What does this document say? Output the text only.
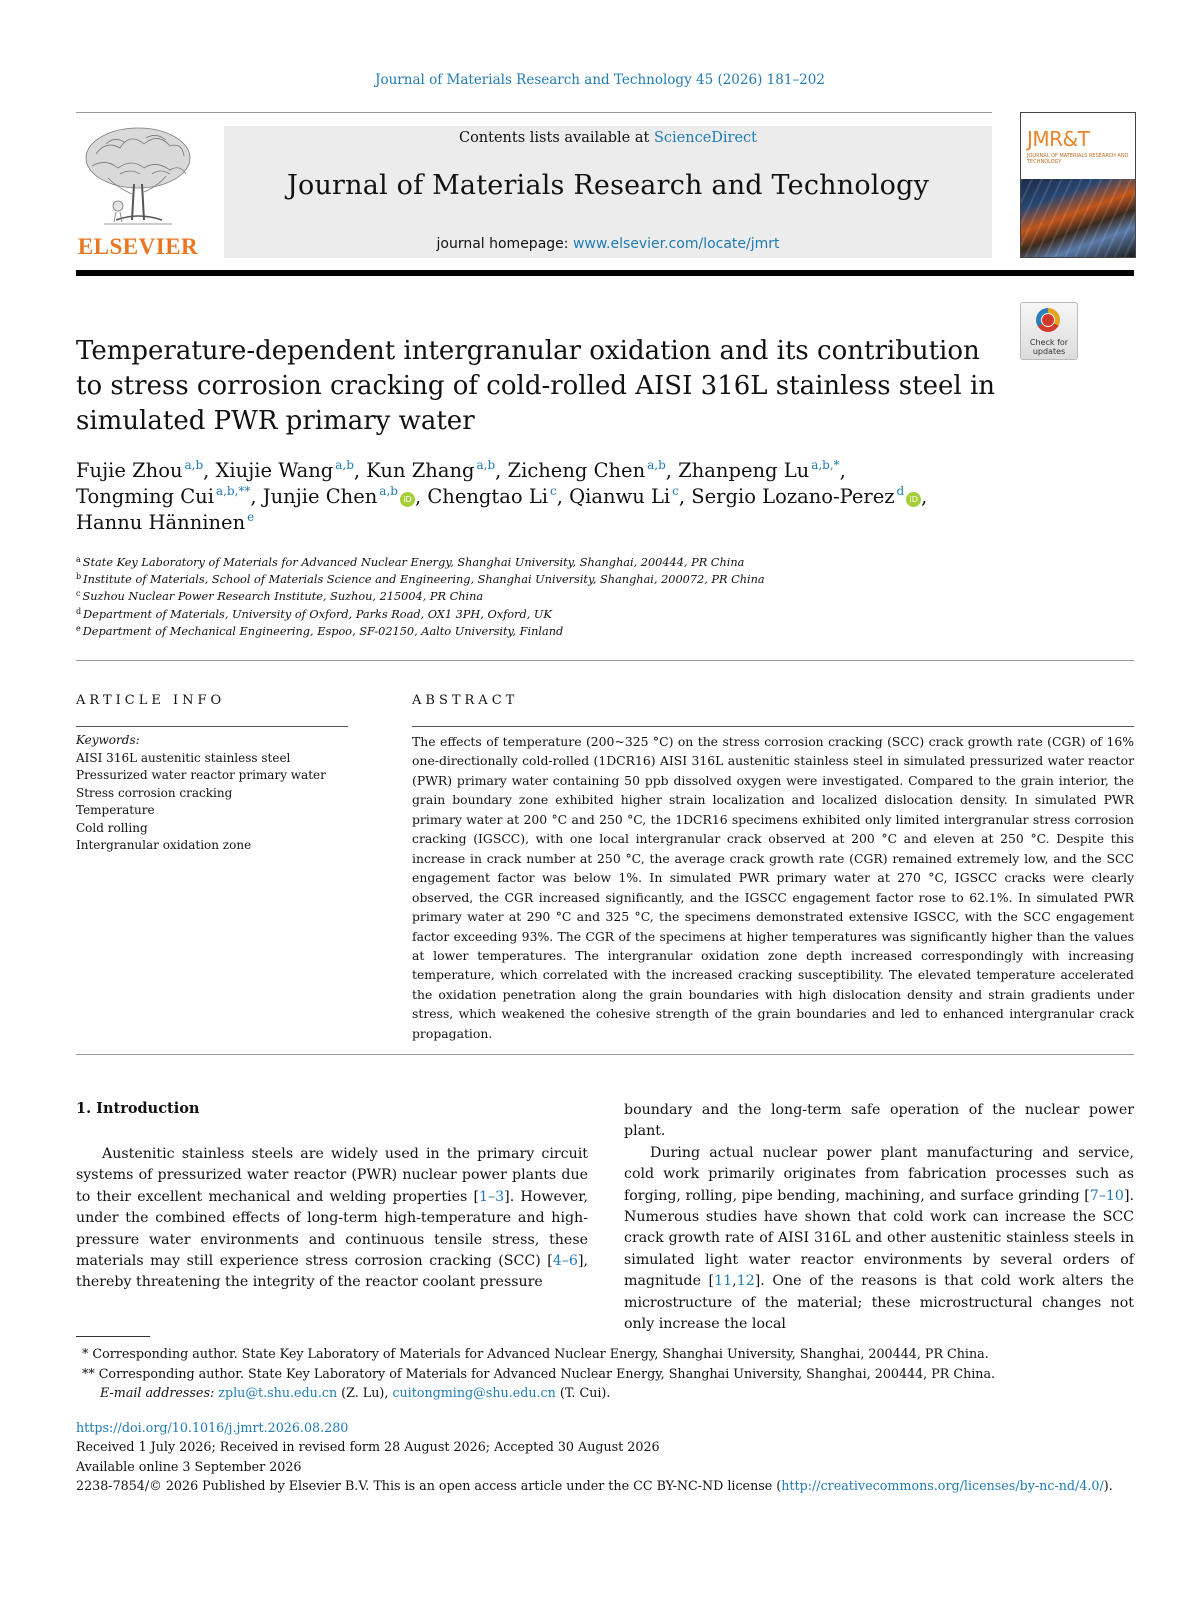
Journal of Materials Research and Technology 45 (2026) 181–202
ELSEVIER
Contents lists available at ScienceDirect
Journal of Materials Research and Technology
journal homepage: www.elsevier.com/locate/jmrt
JMR&T
JOURNAL OF MATERIALS RESEARCH AND TECHNOLOGY
Check for updates
Temperature-dependent intergranular oxidation and its contribution to stress corrosion cracking of cold-rolled AISI 316L stainless steel in simulated PWR primary water
Fujie Zhou  $^{a,b}$, Xiujie Wang  $^{a,b}$, Kun Zhang  $^{a,b}$, Zicheng Chen  $^{a,b}$, Zhanpeng Lu  $^{a,b,*}$,
Tongming Cui  $^{a,b,**}$, Junjie Chen  $^{a,b}$iD , Chengtao Li  $^c$, Qianwu Li  $^c$, Sergio Lozano-Perez  $^d$iD ,
Hannu Hänninen  $^e$
$^a$ State Key Laboratory of Materials for Advanced Nuclear Energy, Shanghai University, Shanghai, 200444, PR China
$^b$ Institute of Materials, School of Materials Science and Engineering, Shanghai University, Shanghai, 200072, PR China
$^c$ Suzhou Nuclear Power Research Institute, Suzhou, 215004, PR China
$^d$ Department of Materials, University of Oxford, Parks Road, OX1 3PH, Oxford, UK
$^e$ Department of Mechanical Engineering, Espoo, SF-02150, Aalto University, Finland
ARTICLE INFO
Keywords:
AISI 316L austenitic stainless steel
Pressurized water reactor primary water
Stress corrosion cracking
Temperature
Cold rolling
Intergranular oxidation zone
ABSTRACT

The effects of temperature (200~325 °C) on the stress corrosion cracking (SCC) crack growth rate (CGR) of 16% one-directionally cold-rolled (1DCR16) AISI 316L austenitic stainless steel in simulated pressurized water reactor (PWR) primary water containing 50 ppb dissolved oxygen were investigated. Compared to the grain interior, the grain boundary zone exhibited higher strain localization and localized dislocation density. In simulated PWR primary water at 200 °C and 250 °C, the 1DCR16 specimens exhibited only limited intergranular stress corrosion cracking (IGSCC), with one local intergranular crack observed at 200 °C and eleven at 250 °C. Despite this increase in crack number at 250 °C, the average crack growth rate (CGR) remained extremely low, and the SCC engagement factor was below 1%. In simulated PWR primary water at 270 °C, IGSCC cracks were clearly observed, the CGR increased significantly, and the IGSCC engagement factor rose to 62.1%. In simulated PWR primary water at 290 °C and 325 °C, the specimens demonstrated extensive IGSCC, with the SCC engagement factor exceeding 93%. The CGR of the specimens at higher temperatures was significantly higher than the values at lower temperatures. The intergranular oxidation zone depth increased correspondingly with increasing temperature, which correlated with the increased cracking susceptibility. The elevated temperature accelerated the oxidation penetration along the grain boundaries with high dislocation density and strain gradients under stress, which weakened the cohesive strength of the grain boundaries and led to enhanced intergranular crack propagation.

1. Introduction

Austenitic stainless steels are widely used in the primary circuit systems of pressurized water reactor (PWR) nuclear power plants due to their excellent mechanical and welding properties [1–3]. However, under the combined effects of long-term high-temperature and high-pressure water environments and continuous tensile stress, these materials may still experience stress corrosion cracking (SCC) [4–6], thereby threatening the integrity of the reactor coolant pressure

boundary and the long-term safe operation of the nuclear power plant.

During actual nuclear power plant manufacturing and service, cold work primarily originates from fabrication processes such as forging, rolling, pipe bending, machining, and surface grinding [7–10]. Numerous studies have shown that cold work can increase the SCC crack growth rate of AISI 316L and other austenitic stainless steels in simulated light water reactor environments by several orders of magnitude [11,12]. One of the reasons is that cold work alters the microstructure of the material; these microstructural changes not only increase the local

* Corresponding author. State Key Laboratory of Materials for Advanced Nuclear Energy, Shanghai University, Shanghai, 200444, PR China.
** Corresponding author. State Key Laboratory of Materials for Advanced Nuclear Energy, Shanghai University, Shanghai, 200444, PR China.
E-mail addresses: zplu@t.shu.edu.cn (Z. Lu), cuitongming@shu.edu.cn (T. Cui).
https://doi.org/10.1016/j.jmrt.2026.08.280
Received 1 July 2026; Received in revised form 28 August 2026; Accepted 30 August 2026
Available online 3 September 2026
2238-7854/© 2026 Published by Elsevier B.V. This is an open access article under the CC BY-NC-ND license (http://creativecommons.org/licenses/by-nc-nd/4.0/).
